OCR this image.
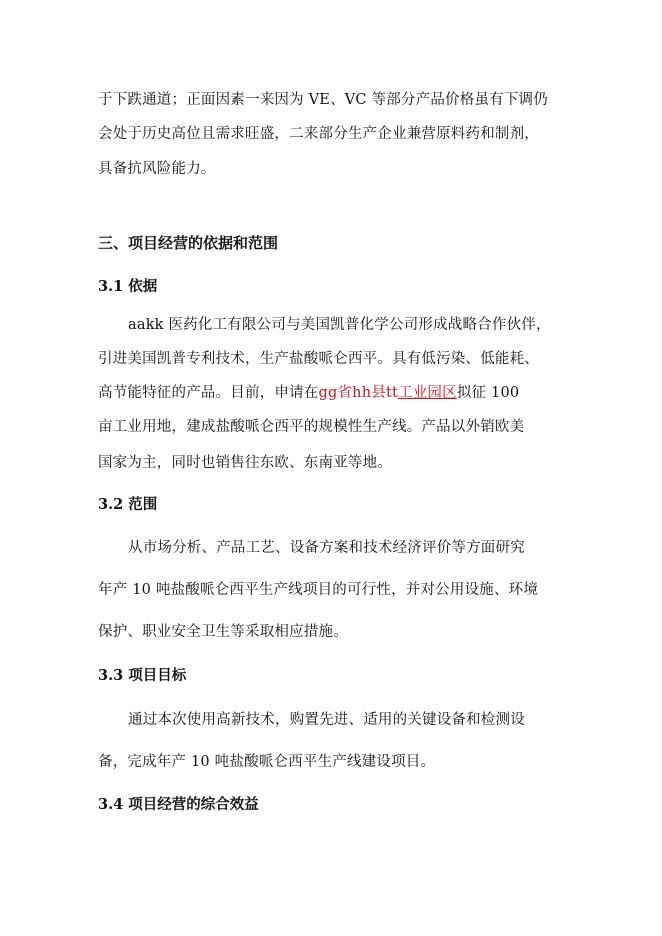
于下跌通道；正面因素一来因为 VE、VC 等部分产品价格虽有下调仍
会处于历史高位且需求旺盛，二来部分生产企业兼营原料药和制剂，
具备抗风险能力。
三、项目经营的依据和范围
3.1 依据
aakk 医药化工有限公司与美国凯普化学公司形成战略合作伙伴，
引进美国凯普专利技术，生产盐酸哌仑西平。具有低污染、低能耗、
高节能特征的产品。目前，申请在gg省hh县tt工业园区拟征 100
亩工业用地，建成盐酸哌仑西平的规模性生产线。产品以外销欧美
国家为主，同时也销售往东欧、东南亚等地。
3.2 范围
从市场分析、产品工艺、设备方案和技术经济评价等方面研究
年产 10 吨盐酸哌仑西平生产线项目的可行性，并对公用设施、环境
保护、职业安全卫生等采取相应措施。
3.3 项目目标
通过本次使用高新技术，购置先进、适用的关键设备和检测设
备，完成年产 10 吨盐酸哌仑西平生产线建设项目。
3.4 项目经营的综合效益
